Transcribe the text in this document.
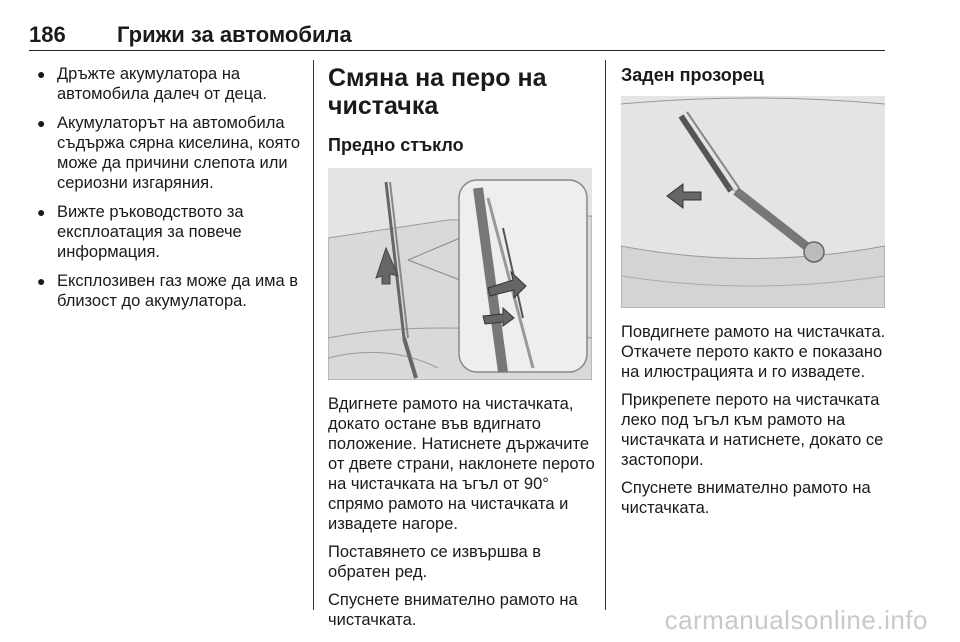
186 Грижи за автомобила
● Дръжте акумулатора на автомобила далеч от деца.
● Акумулаторът на автомобила съдържа сярна киселина, която може да причини слепота или сериозни изгаряния.
● Вижте ръководството за експлоатация за повече информация.
● Експлозивен газ може да има в близост до акумулатора.
Смяна на перо на чистачка
Предно стъкло

Вдигнете рамото на чистачката, докато остане във вдигнато положение. Натиснете държачите от двете страни, наклонете перото на чистачката на ъгъл от 90° спрямо рамото на чистачката и извадете нагоре.

Поставянето се извършва в обратен ред.

Спуснете внимателно рамото на чистачката.

Заден прозорец

Повдигнете рамото на чистачката. Откачете перото както е показано на илюстрацията и го извадете.

Прикрепете перото на чистачката леко под ъгъл към рамото на чистачката и натиснете, докато се застопори.

Спуснете внимателно рамото на чистачката.

carmanualsonline.info
